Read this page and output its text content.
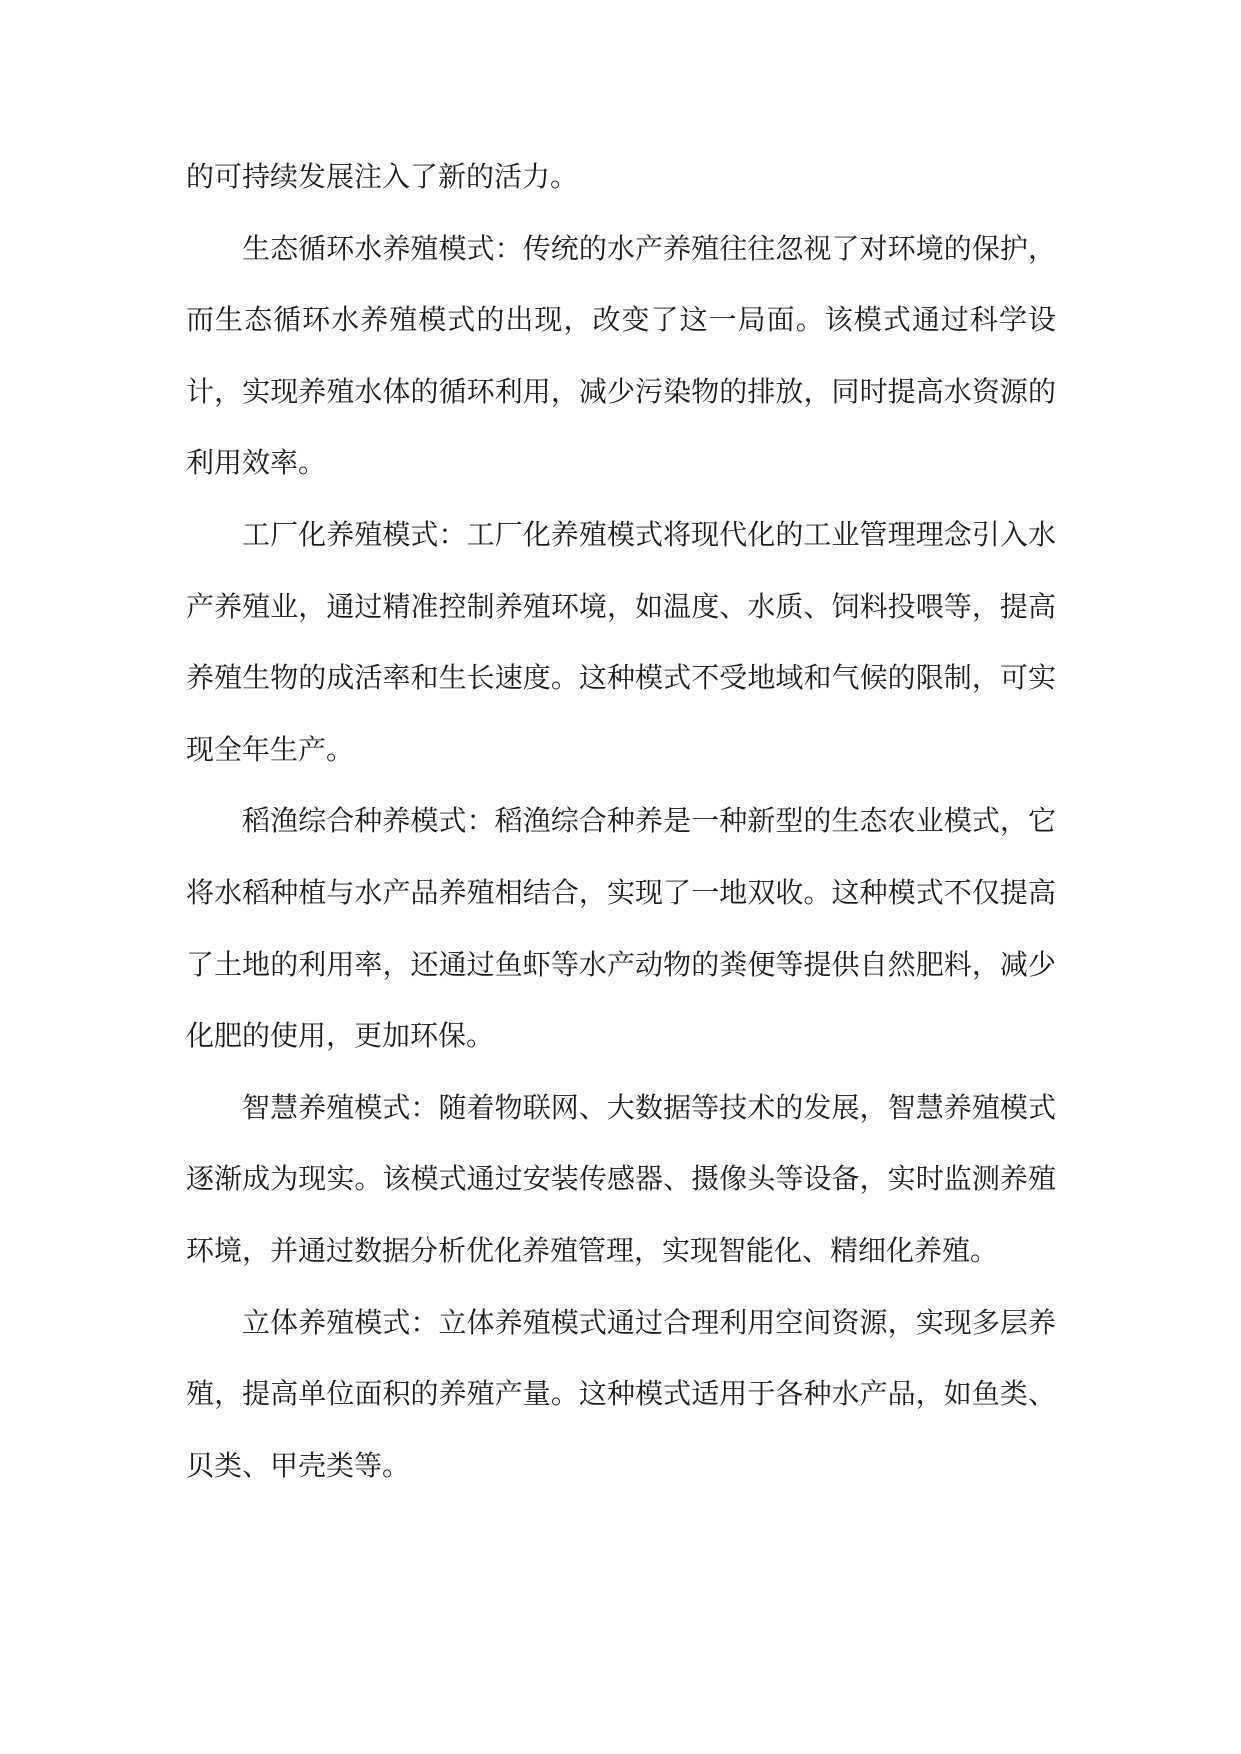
的可持续发展注入了新的活力。

生态循环水养殖模式：传统的水产养殖往往忽视了对环境的保护，而生态循环水养殖模式的出现，改变了这一局面。该模式通过科学设计，实现养殖水体的循环利用，减少污染物的排放，同时提高水资源的利用效率。

工厂化养殖模式：工厂化养殖模式将现代化的工业管理理念引入水产养殖业，通过精准控制养殖环境，如温度、水质、饲料投喂等，提高养殖生物的成活率和生长速度。这种模式不受地域和气候的限制，可实现全年生产。

稻渔综合种养模式：稻渔综合种养是一种新型的生态农业模式，它将水稻种植与水产品养殖相结合，实现了一地双收。这种模式不仅提高了土地的利用率，还通过鱼虾等水产动物的粪便等提供自然肥料，减少化肥的使用，更加环保。

智慧养殖模式：随着物联网、大数据等技术的发展，智慧养殖模式逐渐成为现实。该模式通过安装传感器、摄像头等设备，实时监测养殖环境，并通过数据分析优化养殖管理，实现智能化、精细化养殖。

立体养殖模式：立体养殖模式通过合理利用空间资源，实现多层养殖，提高单位面积的养殖产量。这种模式适用于各种水产品，如鱼类、贝类、甲壳类等。
